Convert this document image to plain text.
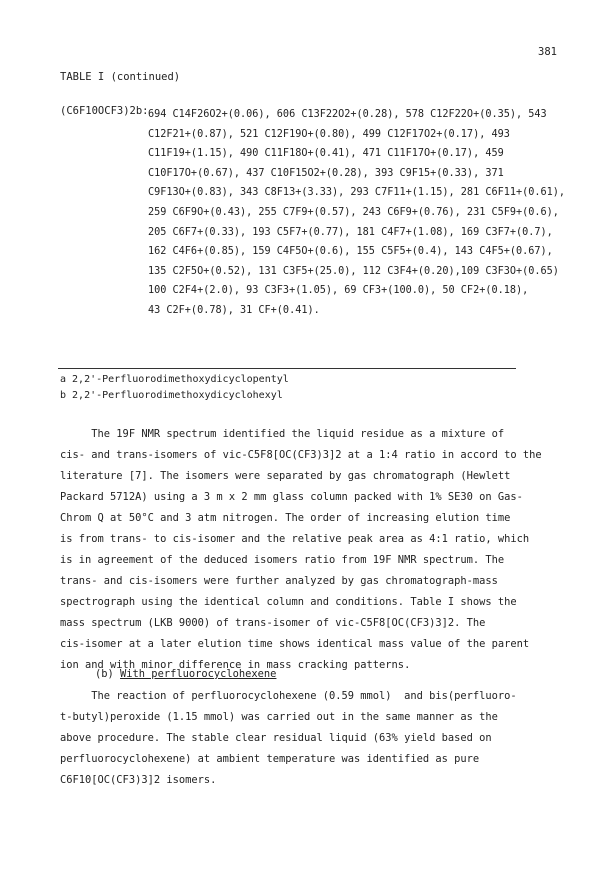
381
TABLE I (continued)
(C6F10OCF3)2b: 694 C14F26O2+(0.06), 606 C13F22O2+(0.28), 578 C12F22O+(0.35), 543
C12F21+(0.87), 521 C12F19O+(0.80), 499 C12F17O2+(0.17), 493
C11F19+(1.15), 490 C11F18O+(0.41), 471 C11F17O+(0.17), 459
C10F17O+(0.67), 437 C10F15O2+(0.28), 393 C9F15+(0.33), 371
C9F13O+(0.83), 343 C8F13+(3.33), 293 C7F11+(1.15), 281 C6F11+(0.61),
259 C6F9O+(0.43), 255 C7F9+(0.57), 243 C6F9+(0.76), 231 C5F9+(0.6),
205 C6F7+(0.33), 193 C5F7+(0.77), 181 C4F7+(1.08), 169 C3F7+(0.7),
162 C4F6+(0.85), 159 C4F5O+(0.6), 155 C5F5+(0.4), 143 C4F5+(0.67),
135 C2F5O+(0.52), 131 C3F5+(25.0), 112 C3F4+(0.20),109 C3F3O+(0.65)
100 C2F4+(2.0), 93 C3F3+(1.05), 69 CF3+(100.0), 50 CF2+(0.18),
43 C2F+(0.78), 31 CF+(0.41).
a 2,2'-Perfluorodimethoxydicyclopentyl
b 2,2'-Perfluorodimethoxydicyclohexyl
The 19F NMR spectrum identified the liquid residue as a mixture of
cis- and trans-isomers of vic-C5F8[OC(CF3)3]2 at a 1:4 ratio in accord to the
literature [7]. The isomers were separated by gas chromatograph (Hewlett
Packard 5712A) using a 3 m x 2 mm glass column packed with 1% SE30 on Gas-
Chrom Q at 50°C and 3 atm nitrogen. The order of increasing elution time
is from trans- to cis-isomer and the relative peak area as 4:1 ratio, which
is in agreement of the deduced isomers ratio from 19F NMR spectrum. The
trans- and cis-isomers were further analyzed by gas chromatograph-mass
spectrograph using the identical column and conditions. Table I shows the
mass spectrum (LKB 9000) of trans-isomer of vic-C5F8[OC(CF3)3]2. The
cis-isomer at a later elution time shows identical mass value of the parent
ion and with minor difference in mass cracking patterns.
(b) With perfluorocyclohexene
The reaction of perfluorocyclohexene (0.59 mmol)  and bis(perfluoro-
t-butyl)peroxide (1.15 mmol) was carried out in the same manner as the
above procedure. The stable clear residual liquid (63% yield based on
perfluorocyclohexene) at ambient temperature was identified as pure
C6F10[OC(CF3)3]2 isomers.
